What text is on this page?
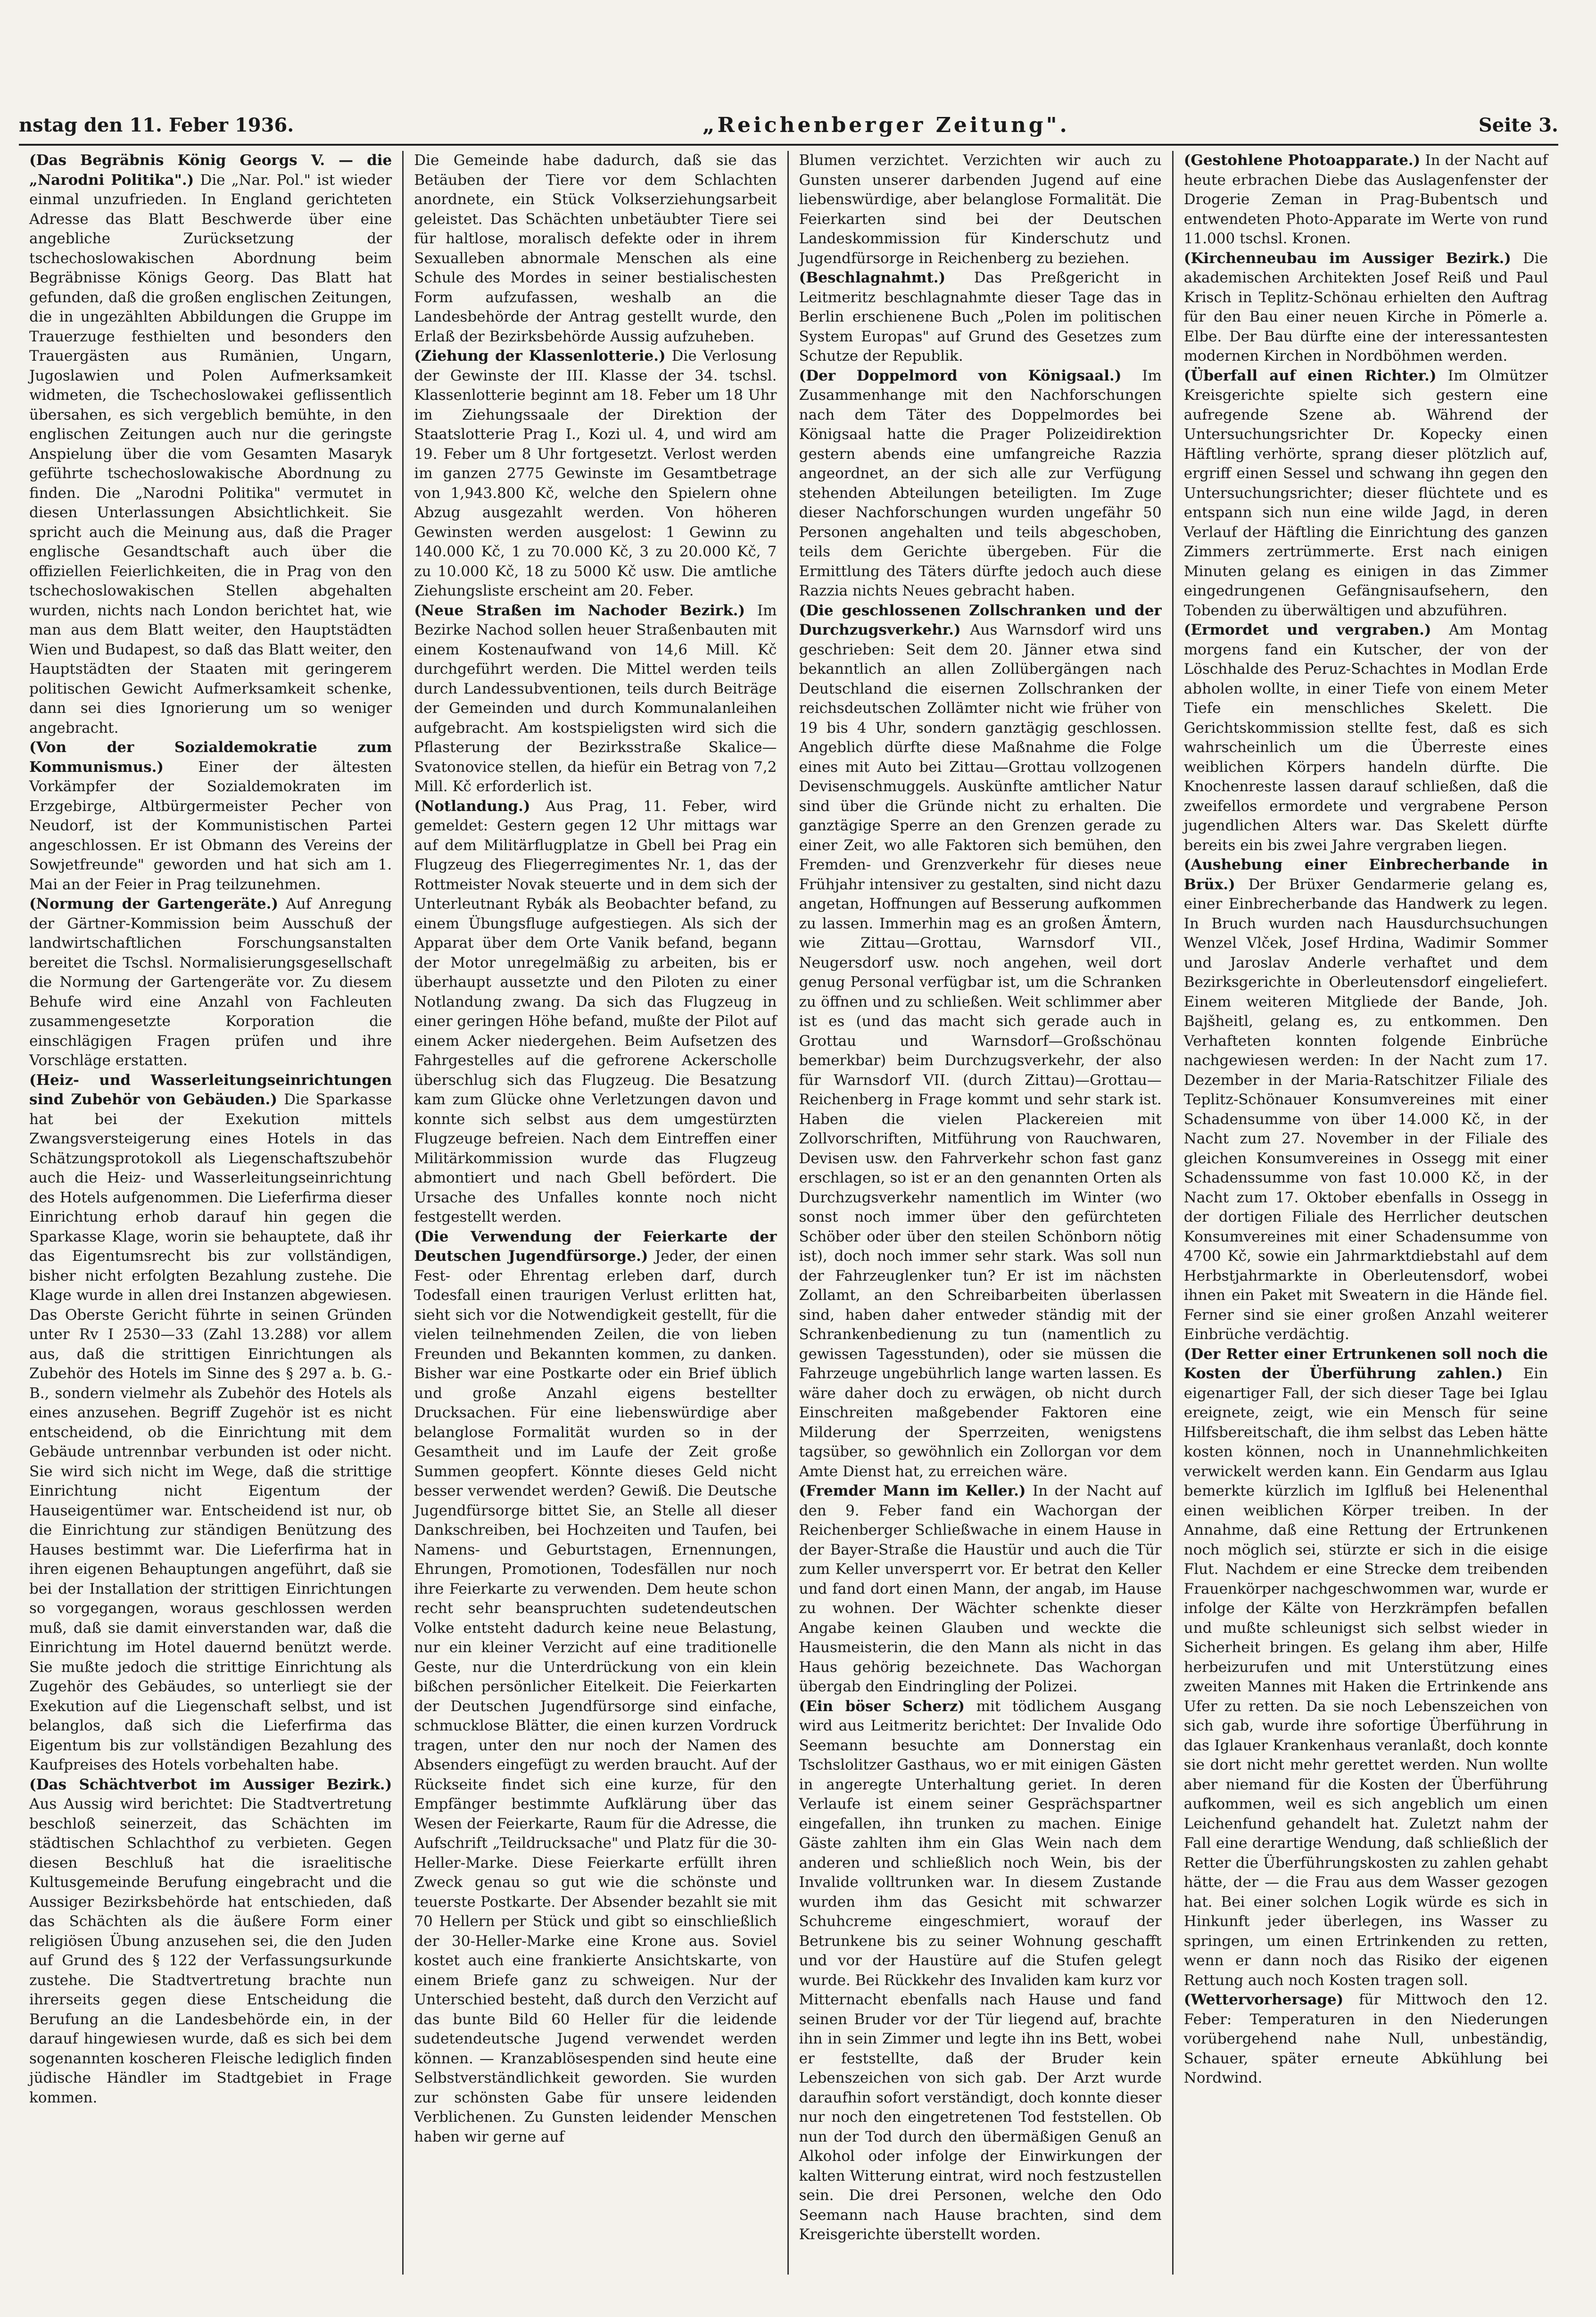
nstag den 11. Feber 1936.	„Reichenberger Zeitung".	Seite 3.

(Das Begräbnis König Georgs V. — die „Narodni Politika".) Die „Nar. Pol." ist wieder einmal unzufrieden. In England gerichteten Adresse das Blatt Beschwerde über eine angebliche Zurücksetzung der tschechoslowakischen Abordnung beim Begräbnisse Königs Georg. Das Blatt hat gefunden, daß die großen englischen Zeitungen, die in ungezählten Abbildungen die Gruppe im Trauerzuge festhielten und besonders den Trauergästen aus Rumänien, Ungarn, Jugoslawien und Polen Aufmerksamkeit widmeten, die Tschechoslowakei geflissentlich übersahen, es sich vergeblich bemühte, in den englischen Zeitungen auch nur die geringste Anspielung über die vom Gesamten Masaryk geführte tschechoslowakische Abordnung zu finden. Die „Narodni Politika" vermutet in diesen Unterlassungen Absichtlichkeit. Sie spricht auch die Meinung aus, daß die Prager englische Gesandtschaft auch über die offiziellen Feierlichkeiten, die in Prag von den tschechoslowakischen Stellen abgehalten wurden, nichts nach London berichtet hat, wie man aus dem Blatt weiter, den Hauptstädten Wien und Budapest, so daß das Blatt weiter, den Hauptstädten der Staaten mit geringerem politischen Gewicht Aufmerksamkeit schenke, dann sei dies Ignorierung um so weniger angebracht.

(Von der Sozialdemokratie zum Kommunismus.) Einer der ältesten Vorkämpfer der Sozialdemokraten im Erzgebirge, Altbürgermeister Pecher von Neudorf, ist der Kommunistischen Partei angeschlossen. Er ist Obmann des Vereins der Sowjetfreunde" geworden und hat sich am 1. Mai an der Feier in Prag teilzunehmen.

(Normung der Gartengeräte.) Auf Anregung der Gärtner-Kommission beim Ausschuß der landwirtschaftlichen Forschungsanstalten bereitet die Tschsl. Normalisierungsgesellschaft die Normung der Gartengeräte vor. Zu diesem Behufe wird eine Anzahl von Fachleuten zusammengesetzte Korporation die einschlägigen Fragen prüfen und ihre Vorschläge erstatten.

(Heiz- und Wasserleitungseinrichtungen sind Zubehör von Gebäuden.) Die Sparkasse hat bei der Exekution mittels Zwangsversteigerung eines Hotels in das Schätzungsprotokoll als Liegenschaftszubehör auch die Heiz- und Wasserleitungseinrichtung des Hotels aufgenommen. Die Lieferfirma dieser Einrichtung erhob darauf hin gegen die Sparkasse Klage, worin sie behauptete, daß ihr das Eigentumsrecht bis zur vollständigen, bisher nicht erfolgten Bezahlung zustehe. Die Klage wurde in allen drei Instanzen abgewiesen. Das Oberste Gericht führte in seinen Gründen unter Rv I 2530—33 (Zahl 13.288) vor allem aus, daß die strittigen Einrichtungen als Zubehör des Hotels im Sinne des § 297 a. b. G.-B., sondern vielmehr als Zubehör des Hotels als eines anzusehen. Begriff Zugehör ist es nicht entscheidend, ob die Einrichtung mit dem Gebäude untrennbar verbunden ist oder nicht. Sie wird sich nicht im Wege, daß die strittige Einrichtung nicht Eigentum der Hauseigentümer war. Entscheidend ist nur, ob die Einrichtung zur ständigen Benützung des Hauses bestimmt war. Die Lieferfirma hat in ihren eigenen Behauptungen angeführt, daß sie bei der Installation der strittigen Einrichtungen so vorgegangen, woraus geschlossen werden muß, daß sie damit einverstanden war, daß die Einrichtung im Hotel dauernd benützt werde. Sie mußte jedoch die strittige Einrichtung als Zugehör des Gebäudes, so unterliegt sie der Exekution auf die Liegenschaft selbst, und ist belanglos, daß sich die Lieferfirma das Eigentum bis zur vollständigen Bezahlung des Kaufpreises des Hotels vorbehalten habe.

(Das Schächtverbot im Aussiger Bezirk.) Aus Aussig wird berichtet: Die Stadtvertretung beschloß seinerzeit, das Schächten im städtischen Schlachthof zu verbieten. Gegen diesen Beschluß hat die israelitische Kultusgemeinde Berufung eingebracht und die Aussiger Bezirksbehörde hat entschieden, daß das Schächten als die äußere Form einer religiösen Übung anzusehen sei, die den Juden auf Grund des § 122 der Verfassungsurkunde zustehe. Die Stadtvertretung brachte nun ihrerseits gegen diese Entscheidung die Berufung an die Landesbehörde ein, in der darauf hingewiesen wurde, daß es sich bei dem sogenannten koscheren Fleische lediglich finden jüdische Händler im Stadtgebiet in Frage kommen.

Die Gemeinde habe dadurch, daß sie das Betäuben der Tiere vor dem Schlachten anordnete, ein Stück Volkserziehungsarbeit geleistet. Das Schächten unbetäubter Tiere sei für haltlose, moralisch defekte oder in ihrem Sexualleben abnormale Menschen als eine Schule des Mordes in seiner bestialischesten Form aufzufassen, weshalb an die Landesbehörde der Antrag gestellt wurde, den Erlaß der Bezirksbehörde Aussig aufzuheben.

(Ziehung der Klassenlotterie.) Die Verlosung der Gewinste der III. Klasse der 34. tschsl. Klassenlotterie beginnt am 18. Feber um 18 Uhr im Ziehungssaale der Direktion der Staatslotterie Prag I., Kozi ul. 4, und wird am 19. Feber um 8 Uhr fortgesetzt. Verlost werden im ganzen 2775 Gewinste im Gesamtbetrage von 1,943.800 Kč, welche den Spielern ohne Abzug ausgezahlt werden. Von höheren Gewinsten werden ausgelost: 1 Gewinn zu 140.000 Kč, 1 zu 70.000 Kč, 3 zu 20.000 Kč, 7 zu 10.000 Kč, 18 zu 5000 Kč usw. Die amtliche Ziehungsliste erscheint am 20. Feber.

(Neue Straßen im Nachoder Bezirk.) Im Bezirke Nachod sollen heuer Straßenbauten mit einem Kostenaufwand von 14,6 Mill. Kč durchgeführt werden. Die Mittel werden teils durch Landessubventionen, teils durch Beiträge der Gemeinden und durch Kommunalanleihen aufgebracht. Am kostspieligsten wird sich die Pflasterung der Bezirksstraße Skalice—Svatonovice stellen, da hiefür ein Betrag von 7,2 Mill. Kč erforderlich ist.

(Notlandung.) Aus Prag, 11. Feber, wird gemeldet: Gestern gegen 12 Uhr mittags war auf dem Militärflugplatze in Gbell bei Prag ein Flugzeug des Fliegerregimentes Nr. 1, das der Rottmeister Novak steuerte und in dem sich der Unterleutnant Rybák als Beobachter befand, zu einem Übungsfluge aufgestiegen. Als sich der Apparat über dem Orte Vanik befand, begann der Motor unregelmäßig zu arbeiten, bis er überhaupt aussetzte und den Piloten zu einer Notlandung zwang. Da sich das Flugzeug in einer geringen Höhe befand, mußte der Pilot auf einem Acker niedergehen. Beim Aufsetzen des Fahrgestelles auf die gefrorene Ackerscholle überschlug sich das Flugzeug. Die Besatzung kam zum Glücke ohne Verletzungen davon und konnte sich selbst aus dem umgestürzten Flugzeuge befreien. Nach dem Eintreffen einer Militärkommission wurde das Flugzeug abmontiert und nach Gbell befördert. Die Ursache des Unfalles konnte noch nicht festgestellt werden.

(Die Verwendung der Feierkarte der Deutschen Jugendfürsorge.) Jeder, der einen Fest- oder Ehrentag erleben darf, durch Todesfall einen traurigen Verlust erlitten hat, sieht sich vor die Notwendigkeit gestellt, für die vielen teilnehmenden Zeilen, die von lieben Freunden und Bekannten kommen, zu danken. Bisher war eine Postkarte oder ein Brief üblich und große Anzahl eigens bestellter Drucksachen. Für eine liebenswürdige aber belanglose Formalität wurden so in der Gesamtheit und im Laufe der Zeit große Summen geopfert. Könnte dieses Geld nicht besser verwendet werden? Gewiß. Die Deutsche Jugendfürsorge bittet Sie, an Stelle all dieser Dankschreiben, bei Hochzeiten und Taufen, bei Namens- und Geburtstagen, Ernennungen, Ehrungen, Promotionen, Todesfällen nur noch ihre Feierkarte zu verwenden. Dem heute schon recht sehr beanspruchten sudetendeutschen Volke entsteht dadurch keine neue Belastung, nur ein kleiner Verzicht auf eine traditionelle Geste, nur die Unterdrückung von ein klein bißchen persönlicher Eitelkeit. Die Feierkarten der Deutschen Jugendfürsorge sind einfache, schmucklose Blätter, die einen kurzen Vordruck tragen, unter den nur noch der Namen des Absenders eingefügt zu werden braucht. Auf der Rückseite findet sich eine kurze, für den Empfänger bestimmte Aufklärung über das Wesen der Feierkarte, Raum für die Adresse, die Aufschrift „Teildrucksache" und Platz für die 30-Heller-Marke. Diese Feierkarte erfüllt ihren Zweck genau so gut wie die schönste und teuerste Postkarte. Der Absender bezahlt sie mit 70 Hellern per Stück und gibt so einschließlich der 30-Heller-Marke eine Krone aus. Soviel kostet auch eine frankierte Ansichtskarte, von einem Briefe ganz zu schweigen. Nur der Unterschied besteht, daß durch den Verzicht auf das bunte Bild 60 Heller für die leidende sudetendeutsche Jugend verwendet werden können. — Kranzablösespenden sind heute eine Selbstverständlichkeit geworden. Sie wurden zur schönsten Gabe für unsere leidenden Verblichenen. Zu Gunsten leidender Menschen haben wir gerne auf

Blumen verzichtet. Verzichten wir auch zu Gunsten unserer darbenden Jugend auf eine liebenswürdige, aber belanglose Formalität. Die Feierkarten sind bei der Deutschen Landeskommission für Kinderschutz und Jugendfürsorge in Reichenberg zu beziehen.

(Beschlagnahmt.) Das Preßgericht in Leitmeritz beschlagnahmte dieser Tage das in Berlin erschienene Buch „Polen im politischen System Europas" auf Grund des Gesetzes zum Schutze der Republik.

(Der Doppelmord von Königsaal.) Im Zusammenhange mit den Nachforschungen nach dem Täter des Doppelmordes bei Königsaal hatte die Prager Polizeidirektion gestern abends eine umfangreiche Razzia angeordnet, an der sich alle zur Verfügung stehenden Abteilungen beteiligten. Im Zuge dieser Nachforschungen wurden ungefähr 50 Personen angehalten und teils abgeschoben, teils dem Gerichte übergeben. Für die Ermittlung des Täters dürfte jedoch auch diese Razzia nichts Neues gebracht haben.

(Die geschlossenen Zollschranken und der Durchzugsverkehr.) Aus Warnsdorf wird uns geschrieben: Seit dem 20. Jänner etwa sind bekanntlich an allen Zollübergängen nach Deutschland die eisernen Zollschranken der reichsdeutschen Zollämter nicht wie früher von 19 bis 4 Uhr, sondern ganztägig geschlossen. Angeblich dürfte diese Maßnahme die Folge eines mit Auto bei Zittau—Grottau vollzogenen Devisenschmuggels. Auskünfte amtlicher Natur sind über die Gründe nicht zu erhalten. Die ganztägige Sperre an den Grenzen gerade zu einer Zeit, wo alle Faktoren sich bemühen, den Fremden- und Grenzverkehr für dieses neue Frühjahr intensiver zu gestalten, sind nicht dazu angetan, Hoffnungen auf Besserung aufkommen zu lassen. Immerhin mag es an großen Ämtern, wie Zittau—Grottau, Warnsdorf VII., Neugersdorf usw. noch angehen, weil dort genug Personal verfügbar ist, um die Schranken zu öffnen und zu schließen. Weit schlimmer aber ist es (und das macht sich gerade auch in Grottau und Warnsdorf—Großschönau bemerkbar) beim Durchzugsverkehr, der also für Warnsdorf VII. (durch Zittau)—Grottau—Reichenberg in Frage kommt und sehr stark ist. Haben die vielen Plackereien mit Zollvorschriften, Mitführung von Rauchwaren, Devisen usw. den Fahrverkehr schon fast ganz erschlagen, so ist er an den genannten Orten als Durchzugsverkehr namentlich im Winter (wo sonst noch immer über den gefürchteten Schöber oder über den steilen Schönborn nötig ist), doch noch immer sehr stark. Was soll nun der Fahrzeuglenker tun? Er ist im nächsten Zollamt, an den Schreibarbeiten überlassen sind, haben daher entweder ständig mit der Schrankenbedienung zu tun (namentlich zu gewissen Tagesstunden), oder sie müssen die Fahrzeuge ungebührlich lange warten lassen. Es wäre daher doch zu erwägen, ob nicht durch Einschreiten maßgebender Faktoren eine Milderung der Sperrzeiten, wenigstens tagsüber, so gewöhnlich ein Zollorgan vor dem Amte Dienst hat, zu erreichen wäre.

(Fremder Mann im Keller.) In der Nacht auf den 9. Feber fand ein Wachorgan der Reichenberger Schließwache in einem Hause in der Bayer-Straße die Haustür und auch die Tür zum Keller unversperrt vor. Er betrat den Keller und fand dort einen Mann, der angab, im Hause zu wohnen. Der Wächter schenkte dieser Angabe keinen Glauben und weckte die Hausmeisterin, die den Mann als nicht in das Haus gehörig bezeichnete. Das Wachorgan übergab den Eindringling der Polizei.

(Ein böser Scherz) mit tödlichem Ausgang wird aus Leitmeritz berichtet: Der Invalide Odo Seemann besuchte am Donnerstag ein Tschslolitzer Gasthaus, wo er mit einigen Gästen in angeregte Unterhaltung geriet. In deren Verlaufe ist einem seiner Gesprächspartner eingefallen, ihn trunken zu machen. Einige Gäste zahlten ihm ein Glas Wein nach dem anderen und schließlich noch Wein, bis der Invalide volltrunken war. In diesem Zustande wurden ihm das Gesicht mit schwarzer Schuhcreme eingeschmiert, worauf der Betrunkene bis zu seiner Wohnung geschafft und vor der Haustüre auf die Stufen gelegt wurde. Bei Rückkehr des Invaliden kam kurz vor Mitternacht ebenfalls nach Hause und fand seinen Bruder vor der Tür liegend auf, brachte ihn in sein Zimmer und legte ihn ins Bett, wobei er feststellte, daß der Bruder kein Lebenszeichen von sich gab. Der Arzt wurde daraufhin sofort verständigt, doch konnte dieser nur noch den eingetretenen Tod feststellen. Ob nun der Tod durch den übermäßigen Genuß an Alkohol oder infolge der Einwirkungen der kalten Witterung eintrat, wird noch festzustellen sein. Die drei Personen, welche den Odo Seemann nach Hause brachten, sind dem Kreisgerichte überstellt worden.

(Gestohlene Photoapparate.) In der Nacht auf heute erbrachen Diebe das Auslagenfenster der Drogerie Zeman in Prag-Bubentsch und entwendeten Photo-Apparate im Werte von rund 11.000 tschsl. Kronen.

(Kirchenneubau im Aussiger Bezirk.) Die akademischen Architekten Josef Reiß und Paul Krisch in Teplitz-Schönau erhielten den Auftrag für den Bau einer neuen Kirche in Pömerle a. Elbe. Der Bau dürfte eine der interessantesten modernen Kirchen in Nordböhmen werden.

(Überfall auf einen Richter.) Im Olmützer Kreisgerichte spielte sich gestern eine aufregende Szene ab. Während der Untersuchungsrichter Dr. Kopecky einen Häftling verhörte, sprang dieser plötzlich auf, ergriff einen Sessel und schwang ihn gegen den Untersuchungsrichter; dieser flüchtete und es entspann sich nun eine wilde Jagd, in deren Verlauf der Häftling die Einrichtung des ganzen Zimmers zertrümmerte. Erst nach einigen Minuten gelang es einigen in das Zimmer eingedrungenen Gefängnisaufsehern, den Tobenden zu überwältigen und abzuführen.

(Ermordet und vergraben.) Am Montag morgens fand ein Kutscher, der von der Löschhalde des Peruz-Schachtes in Modlan Erde abholen wollte, in einer Tiefe von einem Meter Tiefe ein menschliches Skelett. Die Gerichtskommission stellte fest, daß es sich wahrscheinlich um die Überreste eines weiblichen Körpers handeln dürfte. Die Knochenreste lassen darauf schließen, daß die zweifellos ermordete und vergrabene Person jugendlichen Alters war. Das Skelett dürfte bereits ein bis zwei Jahre vergraben liegen.

(Aushebung einer Einbrecherbande in Brüx.) Der Brüxer Gendarmerie gelang es, einer Einbrecherbande das Handwerk zu legen. In Bruch wurden nach Hausdurchsuchungen Wenzel Vlček, Josef Hrdina, Wadimir Sommer und Jaroslav Anderle verhaftet und dem Bezirksgerichte in Oberleutensdorf eingeliefert. Einem weiteren Mitgliede der Bande, Joh. Bajšheitl, gelang es, zu entkommen. Den Verhafteten konnten folgende Einbrüche nachgewiesen werden: In der Nacht zum 17. Dezember in der Maria-Ratschitzer Filiale des Teplitz-Schönauer Konsumvereines mit einer Schadensumme von über 14.000 Kč, in der Nacht zum 27. November in der Filiale des gleichen Konsumvereines in Ossegg mit einer Schadenssumme von fast 10.000 Kč, in der Nacht zum 17. Oktober ebenfalls in Ossegg in der dortigen Filiale des Herrlicher deutschen Konsumvereines mit einer Schadensumme von 4700 Kč, sowie ein Jahrmarktdiebstahl auf dem Herbstjahrmarkte in Oberleutensdorf, wobei ihnen ein Paket mit Sweatern in die Hände fiel. Ferner sind sie einer großen Anzahl weiterer Einbrüche verdächtig.

(Der Retter einer Ertrunkenen soll noch die Kosten der Überführung zahlen.) Ein eigenartiger Fall, der sich dieser Tage bei Iglau ereignete, zeigt, wie ein Mensch für seine Hilfsbereitschaft, die ihm selbst das Leben hätte kosten können, noch in Unannehmlichkeiten verwickelt werden kann. Ein Gendarm aus Iglau bemerkte kürzlich im Iglfluß bei Helenenthal einen weiblichen Körper treiben. In der Annahme, daß eine Rettung der Ertrunkenen noch möglich sei, stürzte er sich in die eisige Flut. Nachdem er eine Strecke dem treibenden Frauenkörper nachgeschwommen war, wurde er infolge der Kälte von Herzkrämpfen befallen und mußte schleunigst sich selbst wieder in Sicherheit bringen. Es gelang ihm aber, Hilfe herbeizurufen und mit Unterstützung eines zweiten Mannes mit Haken die Ertrinkende ans Ufer zu retten. Da sie noch Lebenszeichen von sich gab, wurde ihre sofortige Überführung in das Iglauer Krankenhaus veranlaßt, doch konnte sie dort nicht mehr gerettet werden. Nun wollte aber niemand für die Kosten der Überführung aufkommen, weil es sich angeblich um einen Leichenfund gehandelt hat. Zuletzt nahm der Fall eine derartige Wendung, daß schließlich der Retter die Überführungskosten zu zahlen gehabt hätte, der — die Frau aus dem Wasser gezogen hat. Bei einer solchen Logik würde es sich in Hinkunft jeder überlegen, ins Wasser zu springen, um einen Ertrinkenden zu retten, wenn er dann noch das Risiko der eigenen Rettung auch noch Kosten tragen soll.

(Wettervorhersage) für Mittwoch den 12. Feber: Temperaturen in den Niederungen vorübergehend nahe Null, unbeständig, Schauer, später erneute Abkühlung bei Nordwind.
